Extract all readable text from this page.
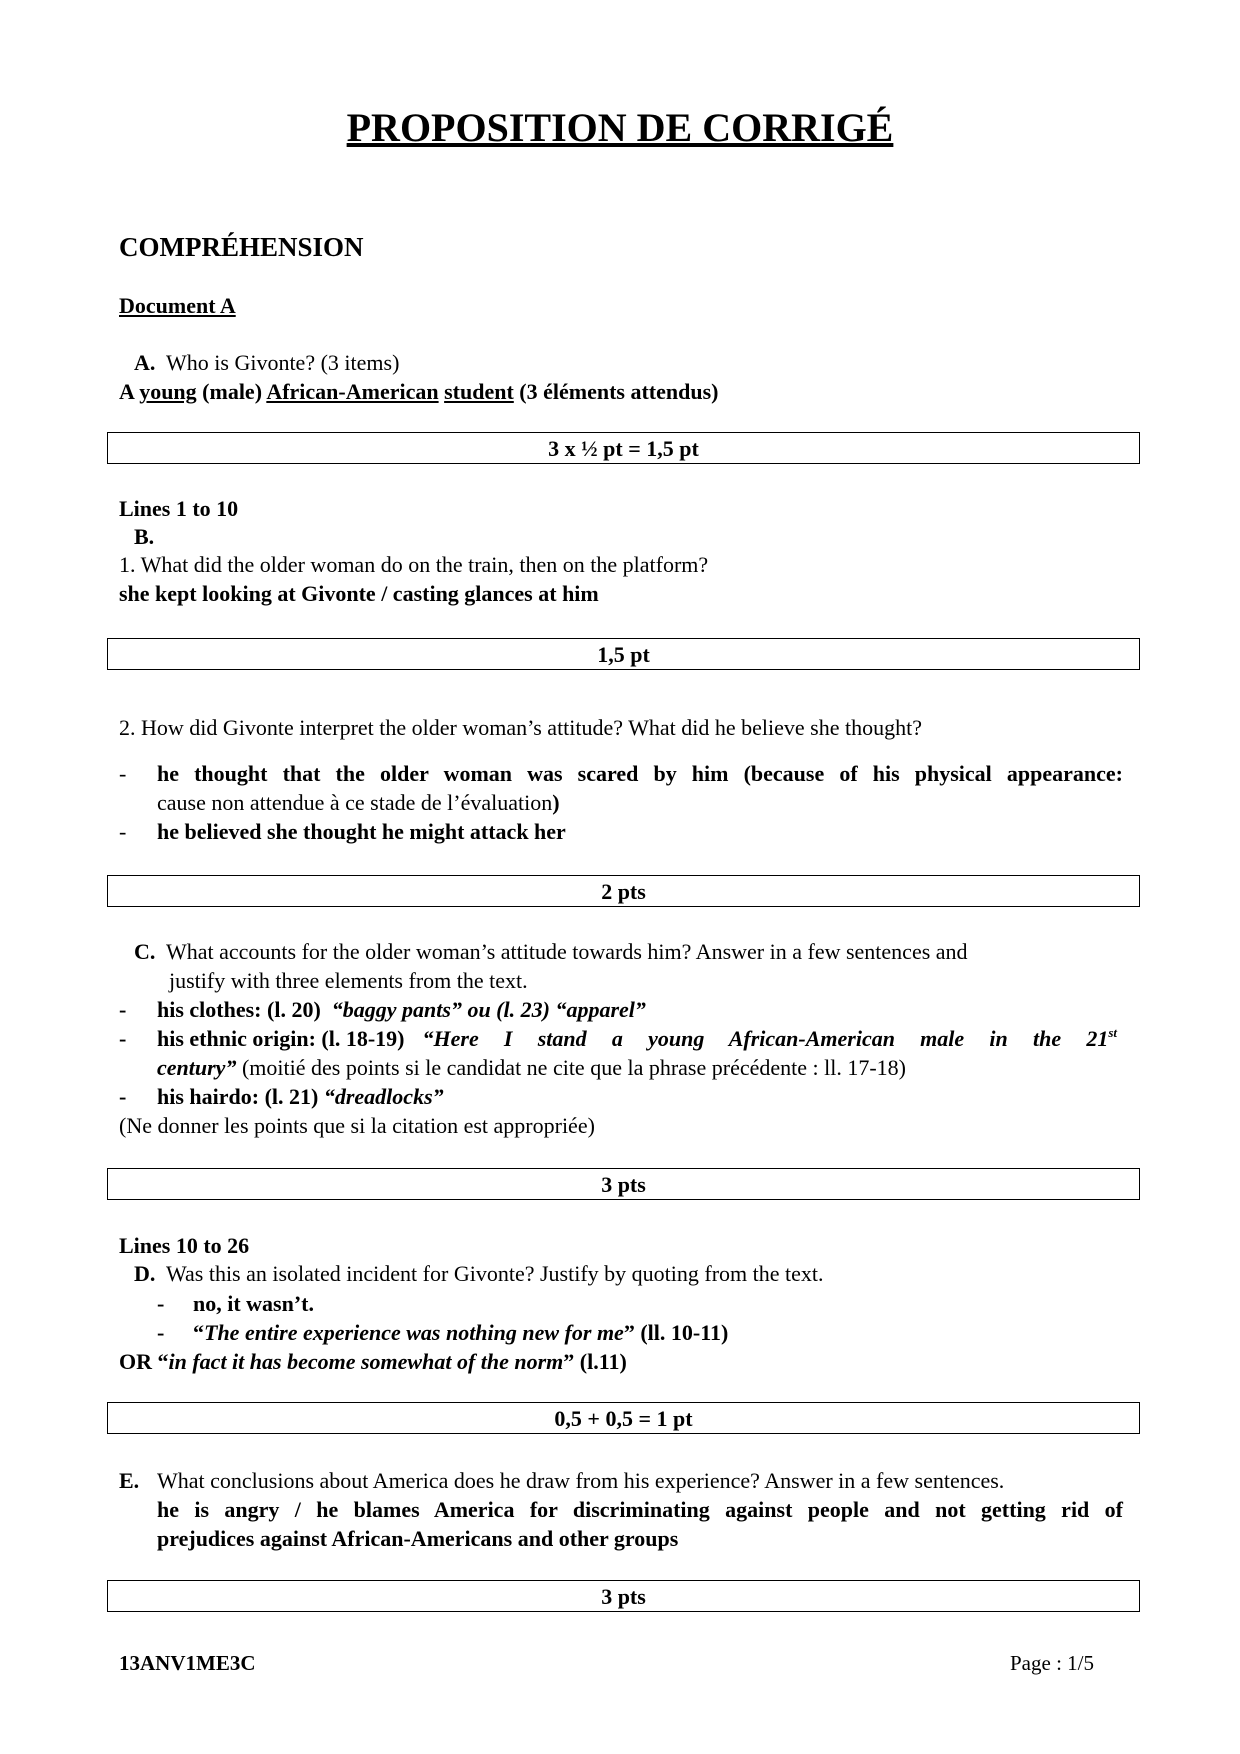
PROPOSITION DE CORRIGÉ
COMPRÉHENSION
Document A
A. Who is Givonte? (3 items)
A young (male) African-American student (3 éléments attendus)
3 x ½ pt = 1,5 pt
Lines 1 to 10
B.
1. What did the older woman do on the train, then on the platform?
she kept looking at Givonte / casting glances at him
1,5 pt
2. How did Givonte interpret the older woman’s attitude? What did he believe she thought?
- he thought that the older woman was scared by him (because of his physical appearance:
cause non attendue à ce stade de l’évaluation)
- he believed she thought he might attack her
2 pts
C. What accounts for the older woman’s attitude towards him? Answer in a few sentences and
justify with three elements from the text.
- his clothes: (l. 20) “baggy pants” ou (l. 23) “apparel”
- his ethnic origin: (l. 18-19) “Here I stand a young African-American male in the 21 st
century” (moitié des points si le candidat ne cite que la phrase précédente : ll. 17-18)
- his hairdo: (l. 21) “dreadlocks”
(Ne donner les points que si la citation est appropriée)
3 pts
Lines 10 to 26
D. Was this an isolated incident for Givonte? Justify by quoting from the text.
- no, it wasn’t.
- “The entire experience was nothing new for me” (ll. 10-11)
OR “in fact it has become somewhat of the norm” (l.11)
0,5 + 0,5 = 1 pt
E. What conclusions about America does he draw from his experience? Answer in a few sentences.
he is angry / he blames America for discriminating against people and not getting rid of
prejudices against African-Americans and other groups
3 pts
13ANV1ME3C	Page : 1/5
